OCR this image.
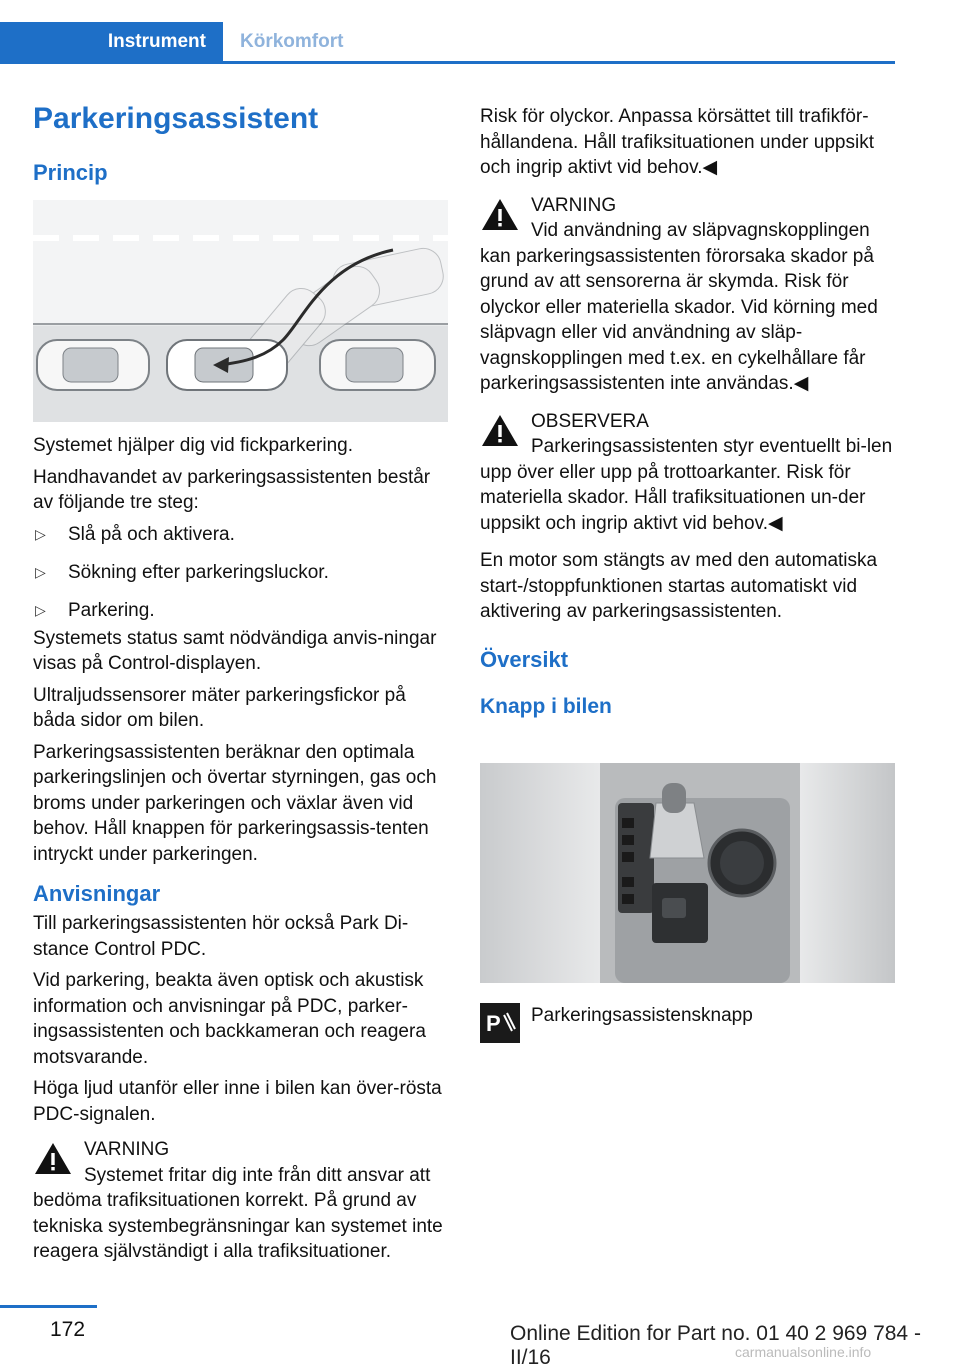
Instrument Körkomfort
Parkeringsassistent
Princip

Systemet hjälper dig vid fickparkering.

Handhavandet av parkeringsassistenten består av följande tre steg:

▷	Slå på och aktivera.
▷	Sökning efter parkeringsluckor.
▷	Parkering.

Systemets status samt nödvändiga anvis-ningar visas på Control-displayen.

Ultraljudssensorer mäter parkeringsfickor på båda sidor om bilen.

Parkeringsassistenten beräknar den optimala parkeringslinjen och övertar styrningen, gas och broms under parkeringen och växlar även vid behov. Håll knappen för parkeringsassis-tenten intryckt under parkeringen.

Anvisningar

Till parkeringsassistenten hör också Park Di-stance Control PDC.

Vid parkering, beakta även optisk och akustisk information och anvisningar på PDC, parker-ingsassistenten och backkameran och reagera motsvarande.

Höga ljud utanför eller inne i bilen kan över-rösta PDC-signalen.

VARNING

Systemet fritar dig inte från ditt ansvar att bedöma trafiksituationen korrekt. På grund av tekniska systembegränsningar kan systemet inte reagera självständigt i alla trafiksituationer.

Risk för olyckor. Anpassa körsättet till trafikför-hållandena. Håll trafiksituationen under uppsikt och ingrip aktivt vid behov.◀

VARNING

Vid användning av släpvagnskopplingen kan parkeringsassistenten förorsaka skador på grund av att sensorerna är skymda. Risk för olyckor eller materiella skador. Vid körning med släpvagn eller vid användning av släp-vagnskopplingen med t.ex. en cykelhållare får parkeringsassistenten inte användas.◀

OBSERVERA

Parkeringsassistenten styr eventuellt bi-len upp över eller upp på trottoarkanter. Risk för materiella skador. Håll trafiksituationen un-der uppsikt och ingrip aktivt vid behov.◀

En motor som stängts av med den automatiska start-/stoppfunktionen startas automatiskt vid aktivering av parkeringsassistenten.

Översikt
Knapp i bilen
P	Parkeringsassistensknapp

172	Online Edition for Part no. 01 40 2 969 784 - II/16	carmanualsonline.info
